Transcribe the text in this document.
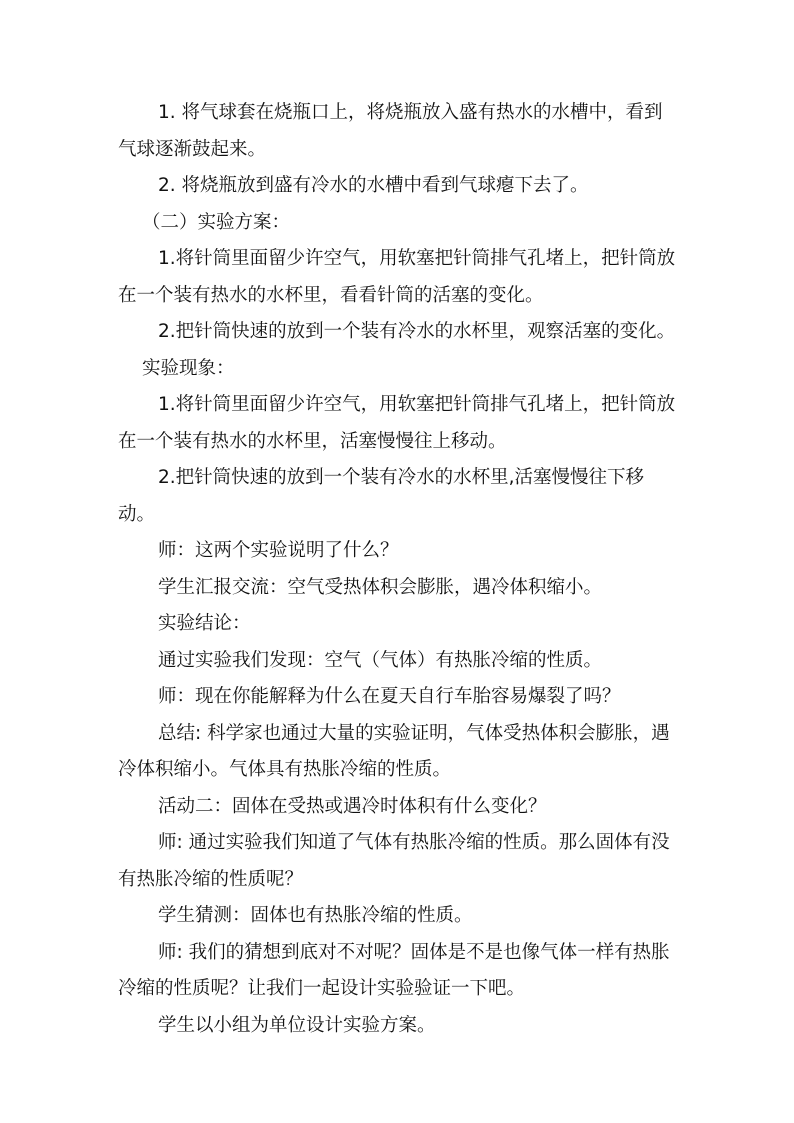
1. 将气球套在烧瓶口上，将烧瓶放入盛有热水的水槽中，看到气球逐渐鼓起来。

2. 将烧瓶放到盛有冷水的水槽中看到气球瘪下去了。

（二）实验方案：

1.将针筒里面留少许空气，用软塞把针筒排气孔堵上，把针筒放在一个装有热水的水杯里，看看针筒的活塞的变化。

2.把针筒快速的放到一个装有冷水的水杯里，观察活塞的变化。

实验现象：

1.将针筒里面留少许空气，用软塞把针筒排气孔堵上，把针筒放在一个装有热水的水杯里，活塞慢慢往上移动。

2.把针筒快速的放到一个装有冷水的水杯里,活塞慢慢往下移动。

师：这两个实验说明了什么？

学生汇报交流：空气受热体积会膨胀，遇冷体积缩小。

实验结论：

通过实验我们发现：空气（气体）有热胀冷缩的性质。

师：现在你能解释为什么在夏天自行车胎容易爆裂了吗？

总结: 科学家也通过大量的实验证明，气体受热体积会膨胀，遇冷体积缩小。气体具有热胀冷缩的性质。

活动二：固体在受热或遇冷时体积有什么变化？

师: 通过实验我们知道了气体有热胀冷缩的性质。那么固体有没有热胀冷缩的性质呢？

学生猜测：固体也有热胀冷缩的性质。

师: 我们的猜想到底对不对呢？固体是不是也像气体一样有热胀冷缩的性质呢？让我们一起设计实验验证一下吧。

学生以小组为单位设计实验方案。
